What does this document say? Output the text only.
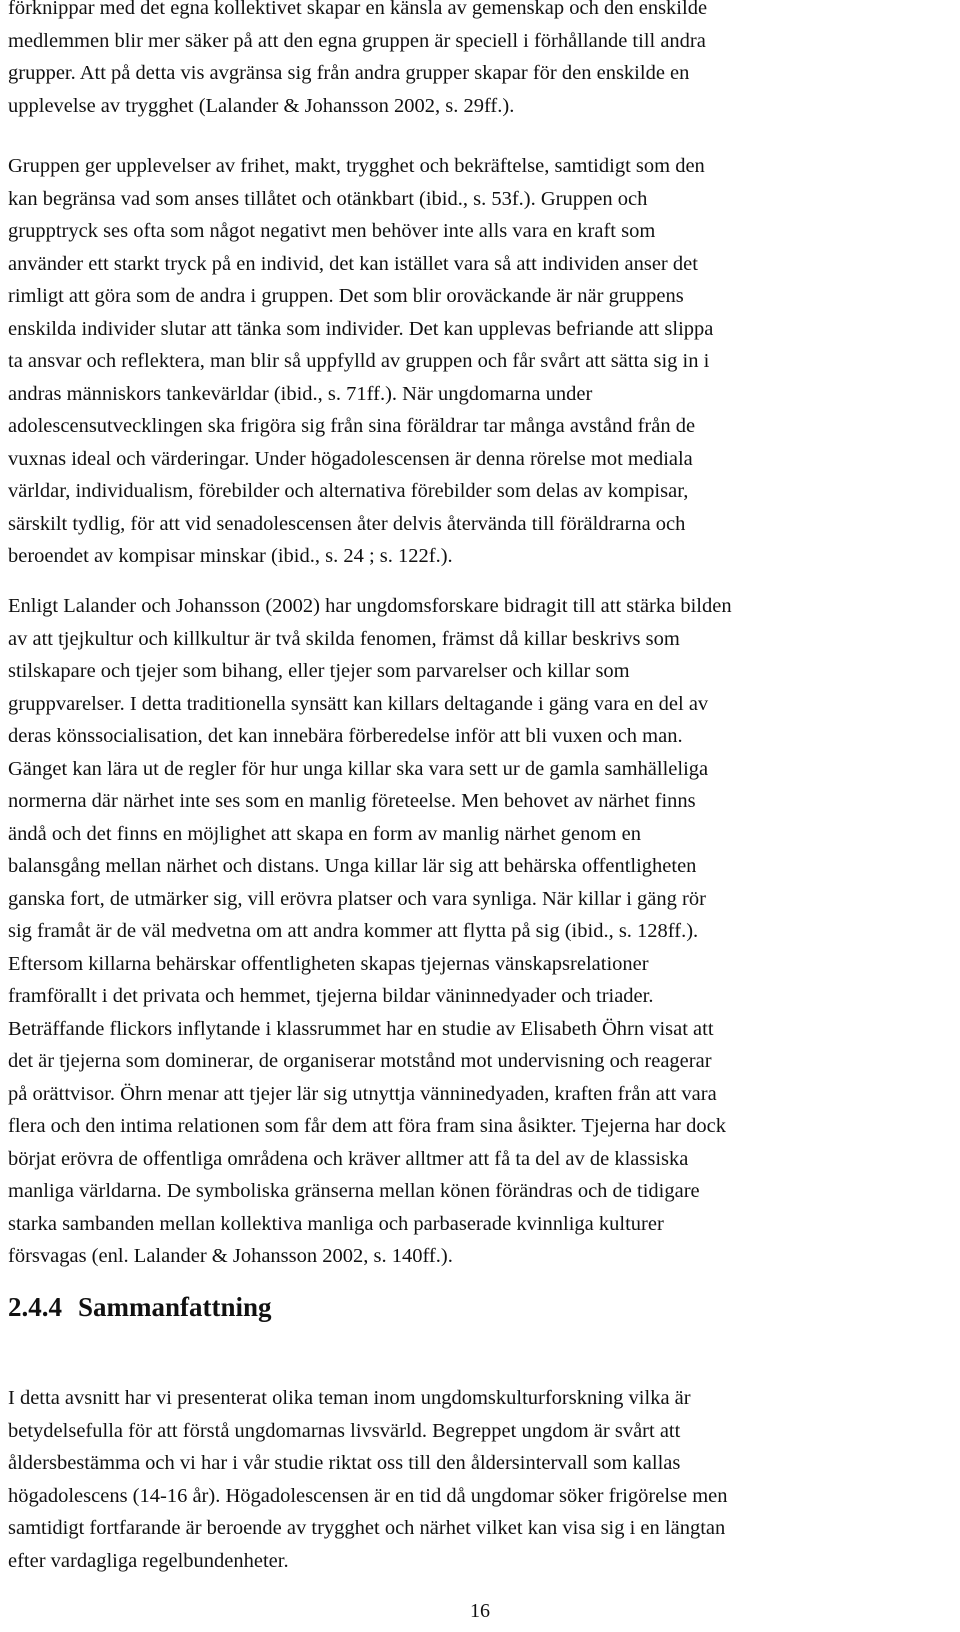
förknippar med det egna kollektivet skapar en känsla av gemenskap och den enskilde
medlemmen blir mer säker på att den egna gruppen är speciell i förhållande till andra
grupper. Att på detta vis avgränsa sig från andra grupper skapar för den enskilde en
upplevelse av trygghet (Lalander & Johansson 2002, s. 29ff.).

Gruppen ger upplevelser av frihet, makt, trygghet och bekräftelse, samtidigt som den
kan begränsa vad som anses tillåtet och otänkbart (ibid., s. 53f.). Gruppen och
grupptryck ses ofta som något negativt men behöver inte alls vara en kraft som
använder ett starkt tryck på en individ, det kan istället vara så att individen anser det
rimligt att göra som de andra i gruppen. Det som blir oroväckande är när gruppens
enskilda individer slutar att tänka som individer. Det kan upplevas befriande att slippa
ta ansvar och reflektera, man blir så uppfylld av gruppen och får svårt att sätta sig in i
andras människors tankevärldar (ibid., s. 71ff.). När ungdomarna under
adolescensutvecklingen ska frigöra sig från sina föräldrar tar många avstånd från de
vuxnas ideal och värderingar. Under högadolescensen är denna rörelse mot mediala
världar, individualism, förebilder och alternativa förebilder som delas av kompisar,
särskilt tydlig, för att vid senadolescensen åter delvis återvända till föräldrarna och
beroendet av kompisar minskar (ibid., s. 24 ; s. 122f.).

Enligt Lalander och Johansson (2002) har ungdomsforskare bidragit till att stärka bilden
av att tjejkultur och killkultur är två skilda fenomen, främst då killar beskrivs som
stilskapare och tjejer som bihang, eller tjejer som parvarelser och killar som
gruppvarelser. I detta traditionella synsätt kan killars deltagande i gäng vara en del av
deras könssocialisation, det kan innebära förberedelse inför att bli vuxen och man.
Gänget kan lära ut de regler för hur unga killar ska vara sett ur de gamla samhälleliga
normerna där närhet inte ses som en manlig företeelse. Men behovet av närhet finns
ändå och det finns en möjlighet att skapa en form av manlig närhet genom en
balansgång mellan närhet och distans. Unga killar lär sig att behärska offentligheten
ganska fort, de utmärker sig, vill erövra platser och vara synliga. När killar i gäng rör
sig framåt är de väl medvetna om att andra kommer att flytta på sig (ibid., s. 128ff.).
Eftersom killarna behärskar offentligheten skapas tjejernas vänskapsrelationer
framförallt i det privata och hemmet, tjejerna bildar väninnedyader och triader.
Beträffande flickors inflytande i klassrummet har en studie av Elisabeth Öhrn visat att
det är tjejerna som dominerar, de organiserar motstånd mot undervisning och reagerar
på orättvisor. Öhrn menar att tjejer lär sig utnyttja vänninedyaden, kraften från att vara
flera och den intima relationen som får dem att föra fram sina åsikter. Tjejerna har dock
börjat erövra de offentliga områdena och kräver alltmer att få ta del av de klassiska
manliga världarna. De symboliska gränserna mellan könen förändras och de tidigare
starka sambanden mellan kollektiva manliga och parbaserade kvinnliga kulturer
försvagas (enl. Lalander & Johansson 2002, s. 140ff.).

2.4.4 Sammanfattning

I detta avsnitt har vi presenterat olika teman inom ungdomskulturforskning vilka är
betydelsefulla för att förstå ungdomarnas livsvärld. Begreppet ungdom är svårt att
åldersbestämma och vi har i vår studie riktat oss till den åldersintervall som kallas
högadolescens (14-16 år). Högadolescensen är en tid då ungdomar söker frigörelse men
samtidigt fortfarande är beroende av trygghet och närhet vilket kan visa sig i en längtan
efter vardagliga regelbundenheter.

16
